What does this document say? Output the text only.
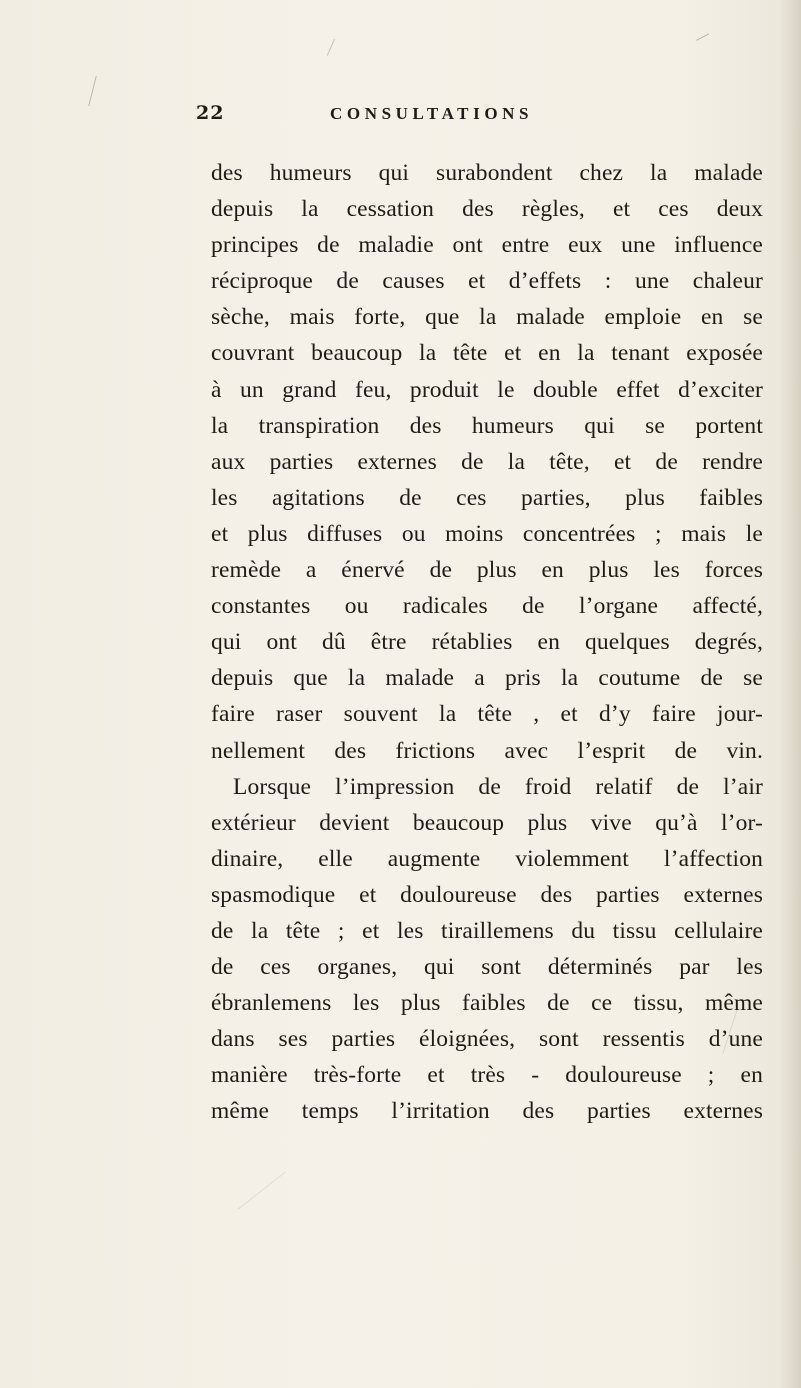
22	CONSULTATIONS
des humeurs qui surabondent chez la malade
depuis la cessation des règles, et ces deux
principes de maladie ont entre eux une influence
réciproque de causes et d’effets : une chaleur
sèche, mais forte, que la malade emploie en se
couvrant beaucoup la tête et en la tenant exposée
à un grand feu, produit le double effet d’exciter
la transpiration des humeurs qui se portent
aux parties externes de la tête, et de rendre
les agitations de ces parties, plus faibles
et plus diffuses ou moins concentrées ; mais le
remède a énervé de plus en plus les forces
constantes ou radicales de l’organe affecté,
qui ont dû être rétablies en quelques degrés,
depuis que la malade a pris la coutume de se
faire raser souvent la tête , et d’y faire jour-
nellement des frictions avec l’esprit de vin.
Lorsque l’impression de froid relatif de l’air
extérieur devient beaucoup plus vive qu’à l’or-
dinaire, elle augmente violemment l’affection
spasmodique et douloureuse des parties externes
de la tête ; et les tiraillemens du tissu cellulaire
de ces organes, qui sont déterminés par les
ébranlemens les plus faibles de ce tissu, même
dans ses parties éloignées, sont ressentis d’une
manière très-forte et très - douloureuse ; en
même temps l’irritation des parties externes
